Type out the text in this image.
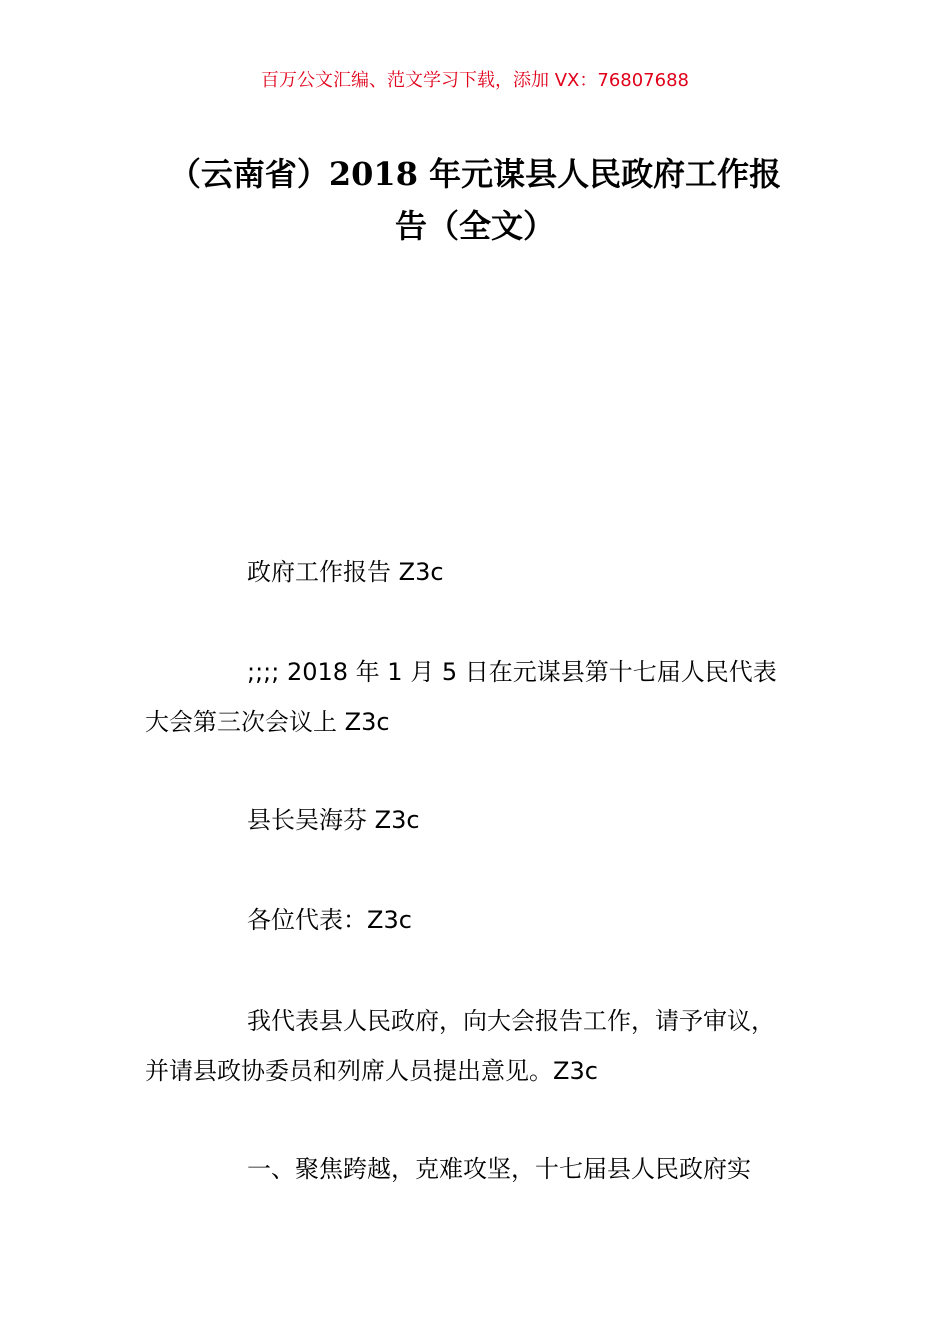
百万公文汇编、范文学习下载，添加 VX：76807688
（云南省）2018 年元谋县人民政府工作报
告（全文）

政府工作报告 Z3c

;;;; 2018 年 1 月 5 日在元谋县第十七届人民代表
大会第三次会议上 Z3c

县长吴海芬 Z3c

各位代表：Z3c

我代表县人民政府，向大会报告工作，请予审议，
并请县政协委员和列席人员提出意见。Z3c

一、聚焦跨越，克难攻坚，十七届县人民政府实
